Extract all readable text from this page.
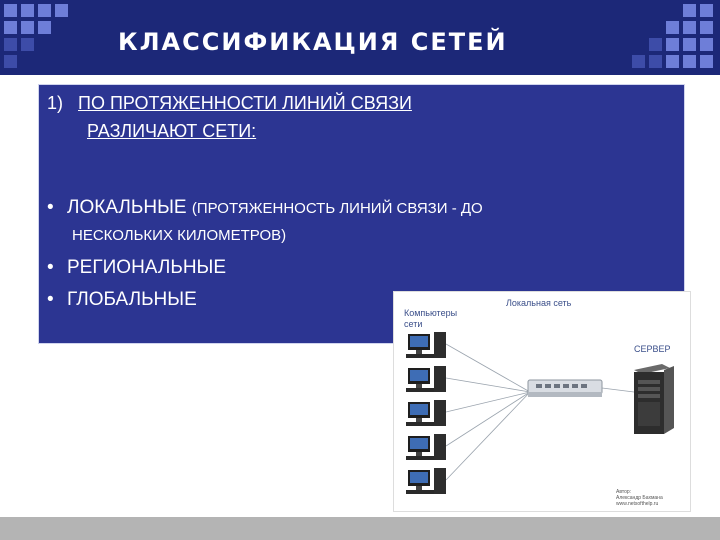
КЛАССИФИКАЦИЯ СЕТЕЙ
1) ПО ПРОТЯЖЕННОСТИ ЛИНИЙ СВЯЗИ
РАЗЛИЧАЮТ СЕТИ:
• ЛОКАЛЬНЫЕ (ПРОТЯЖЕННОСТЬ ЛИНИЙ СВЯЗИ - ДО
НЕСКОЛЬКИХ КИЛОМЕТРОВ)
• РЕГИОНАЛЬНЫЕ
• ГЛОБАЛЬНЫЕ
Компьютеры
сети
Локальная сеть
СЕРВЕР
Автор:
Александр Бахмана
www.netsofthelp.ru
